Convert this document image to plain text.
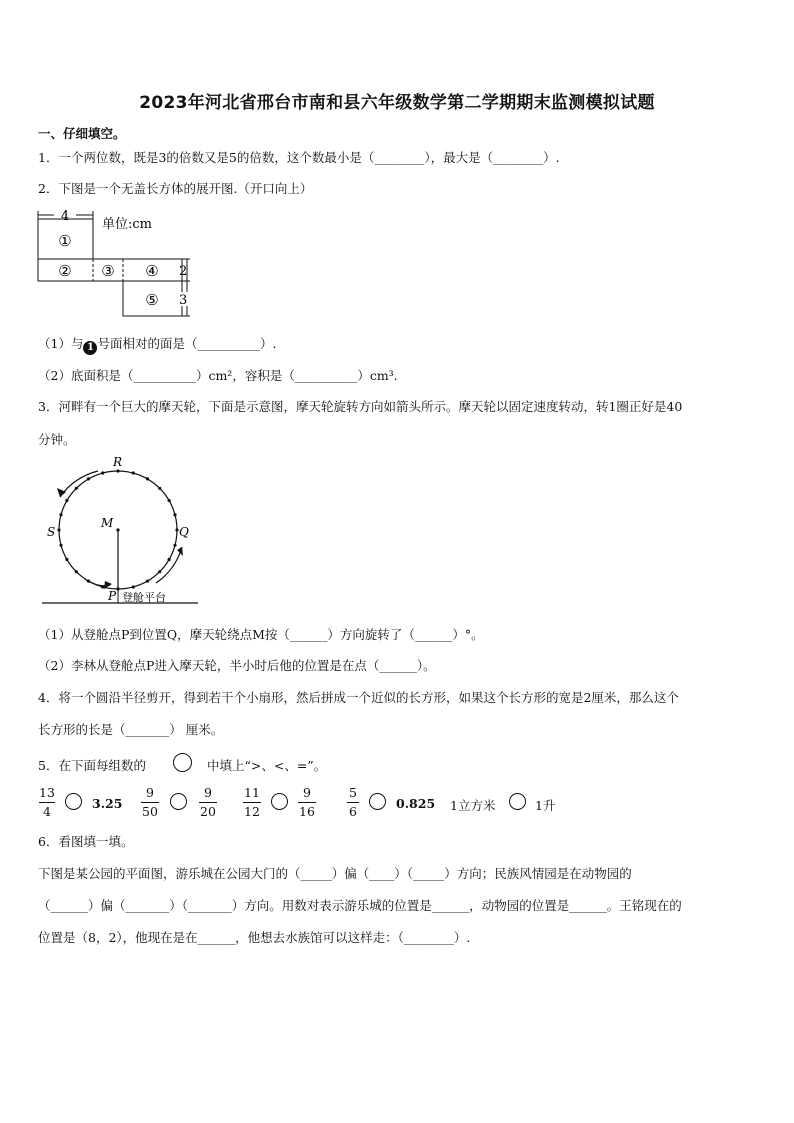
2023年河北省邢台市南和县六年级数学第二学期期末监测模拟试题
一、仔细填空。
1．一个两位数，既是3的倍数又是5的倍数，这个数最小是（________），最大是（________）.
2．下图是一个无盖长方体的展开图.（开口向上）
4
单位:cm
①
② ③ ④
⑤
2
3
（1）与 1 号面相对的面是（__________）.
（2）底面积是（__________）cm²，容积是（__________）cm³.
3．河畔有一个巨大的摩天轮，下面是示意图，摩天轮旋转方向如箭头所示。摩天轮以固定速度转动，转1圈正好是40
分钟。
R
S
M
Q
P 登舱平台
（1）从登舱点P到位置Q，摩天轮绕点M按（______）方向旋转了（______）°。
（2）李林从登舱点P进入摩天轮，半小时后他的位置是在点（______）。
4．将一个圆沿半径剪开，得到若干个小扇形，然后拼成一个近似的长方形，如果这个长方形的宽是2厘米，那么这个
长方形的长是（_______） 厘米。
5．在下面每组数的	中填上“>、<、=”。
13
4
3.25
9
50
9
20
11
12
9
16
5
6
0.825 1立方米	1升
6．看图填一填。
下图是某公园的平面图，游乐城在公园大门的（_____）偏（____）（_____）方向；民族风情园是在动物园的
（______）偏（_______）（_______）方向。用数对表示游乐城的位置是______，动物园的位置是______。王铭现在的
位置是（8，2），他现在是在______，他想去水族馆可以这样走：（________）.
